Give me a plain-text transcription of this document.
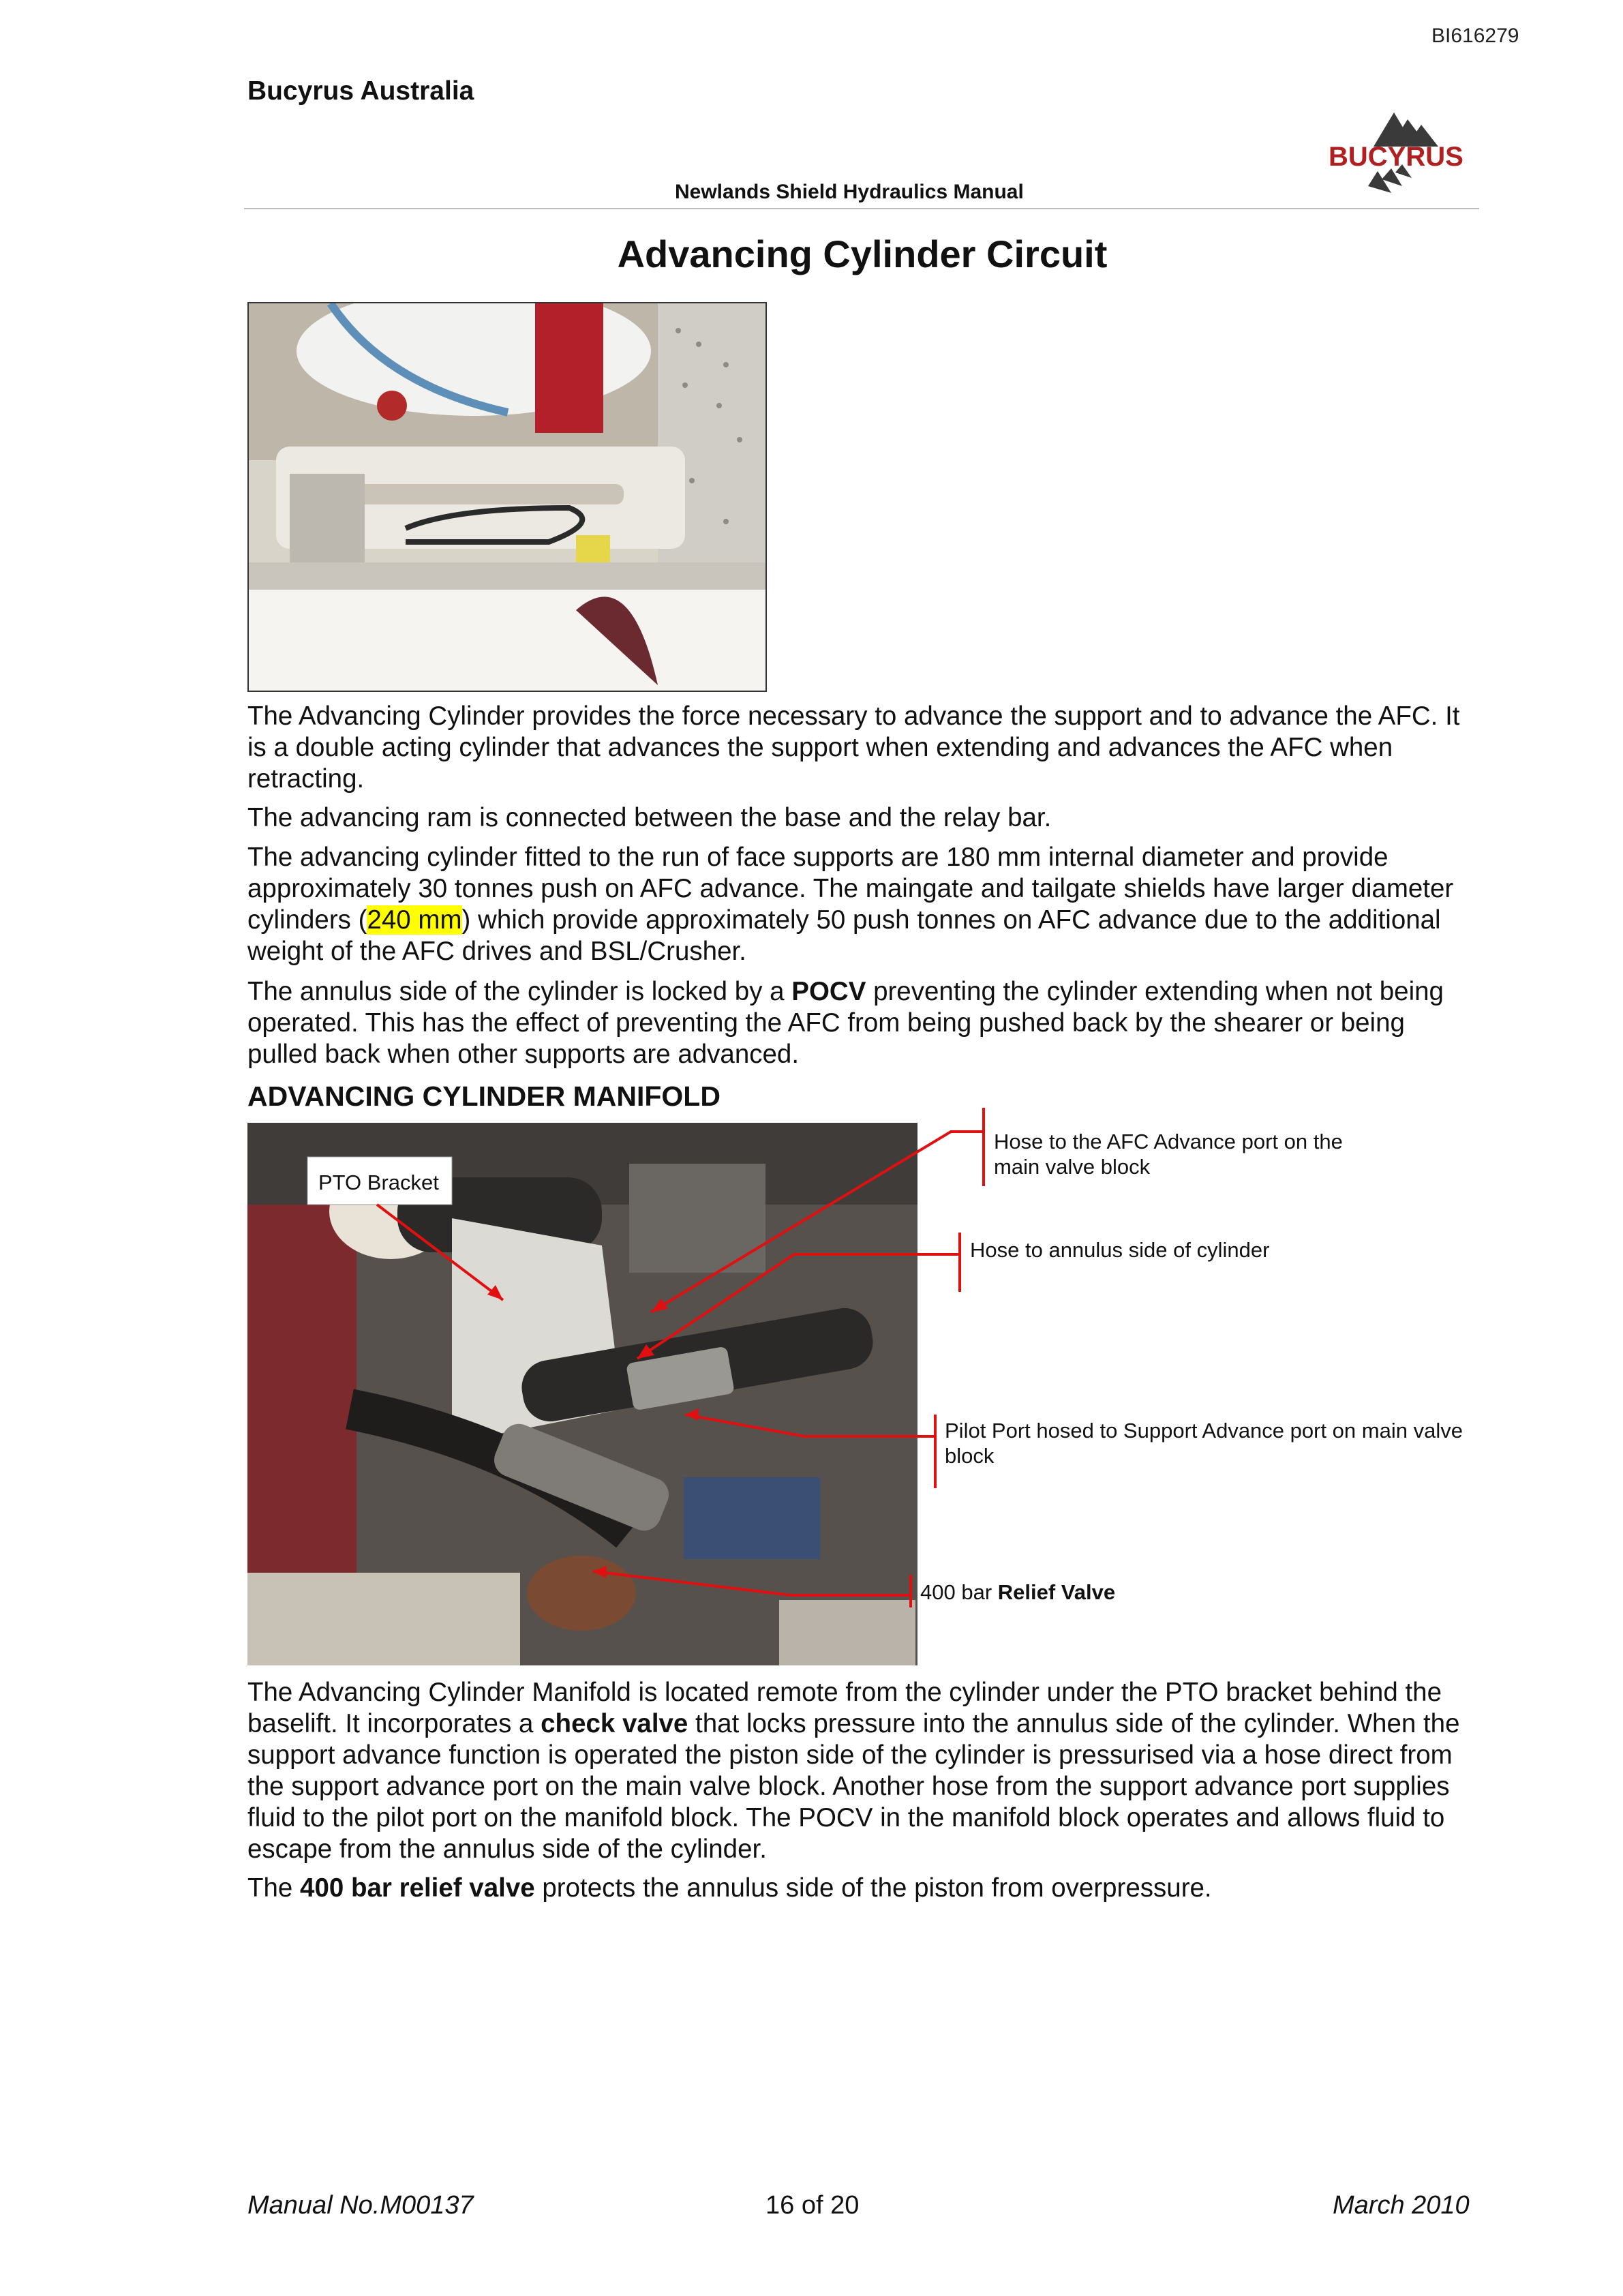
BI616279
Bucyrus Australia
BUCYRUS
Newlands Shield Hydraulics Manual
Advancing Cylinder Circuit

The Advancing Cylinder provides the force necessary to advance the support and to advance the AFC. It is a double acting cylinder that advances the support when extending and advances the AFC when retracting.

The advancing ram is connected between the base and the relay bar.

The advancing cylinder fitted to the run of face supports are 180 mm internal diameter and provide approximately 30 tonnes push on AFC advance. The maingate and tailgate shields have larger diameter cylinders (240 mm) which provide approximately 50 push tonnes on AFC advance due to the additional weight of the AFC drives and BSL/Crusher.

The annulus side of the cylinder is locked by a POCV preventing the cylinder extending when not being operated. This has the effect of preventing the AFC from being pushed back by the shearer or being pulled back when other supports are advanced.

ADVANCING CYLINDER MANIFOLD
PTO Bracket
Hose to the AFC Advance port on the main valve block
Hose to annulus side of cylinder
Pilot Port hosed to Support Advance port on main valve block
400 bar Relief Valve

The Advancing Cylinder Manifold is located remote from the cylinder under the PTO bracket behind the baselift. It incorporates a check valve that locks pressure into the annulus side of the cylinder. When the support advance function is operated the piston side of the cylinder is pressurised via a hose direct from the support advance port on the main valve block. Another hose from the support advance port supplies fluid to the pilot port on the manifold block. The POCV in the manifold block operates and allows fluid to escape from the annulus side of the cylinder.

The 400 bar relief valve protects the annulus side of the piston from overpressure.

Manual No.M00137	16 of 20	March 2010
